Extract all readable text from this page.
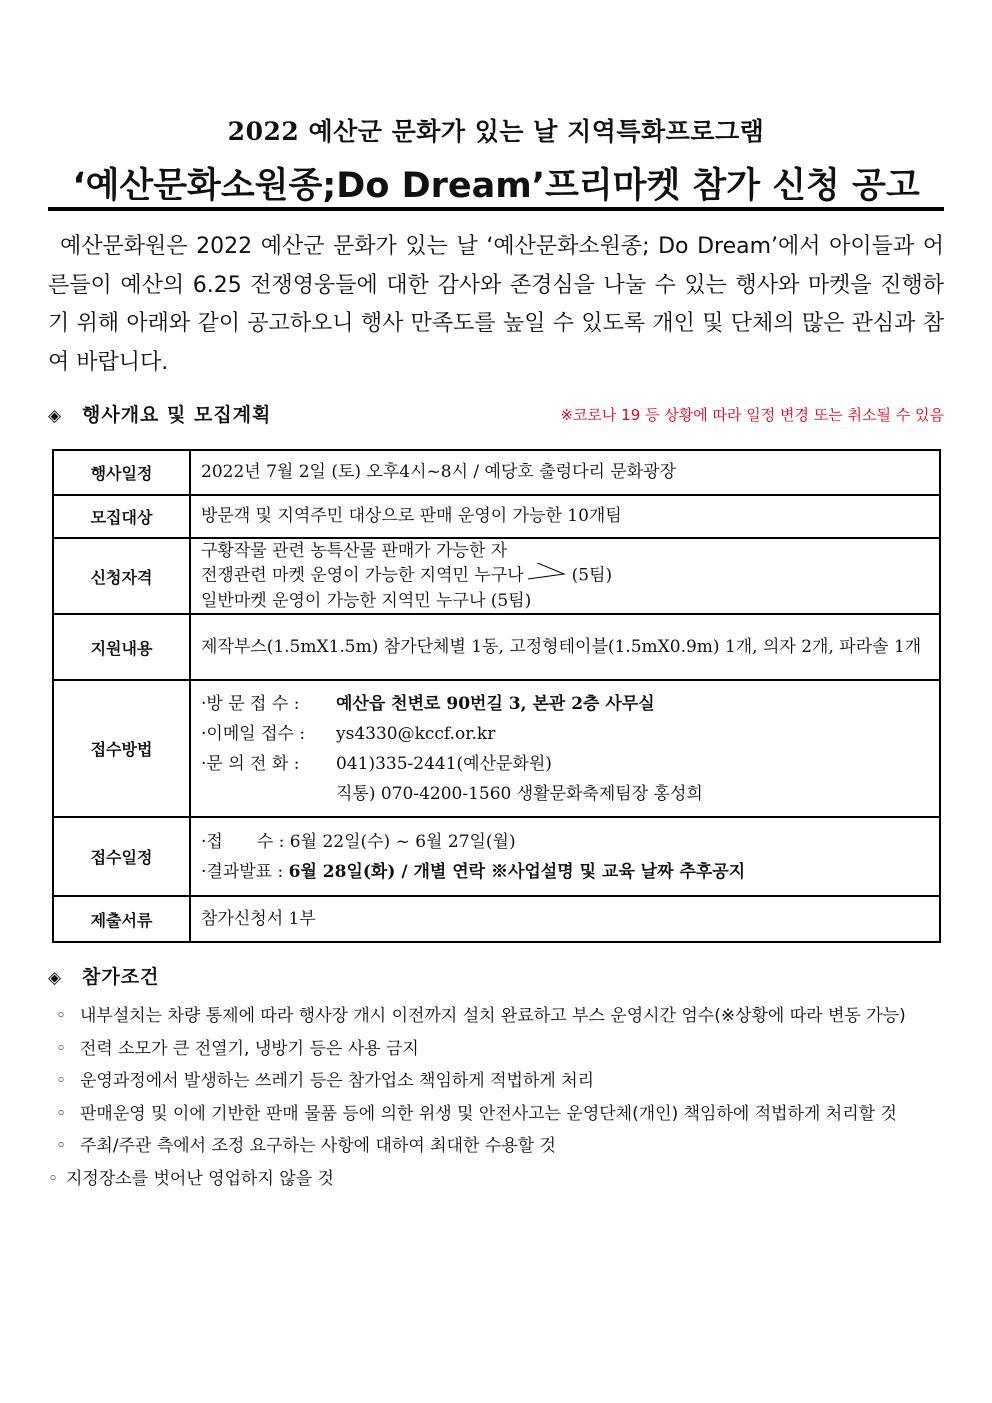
2022 예산군 문화가 있는 날 지역특화프로그램
‘예산문화소원종;Do Dream’프리마켓 참가 신청 공고
예산문화원은 2022 예산군 문화가 있는 날 ‘예산문화소원종; Do Dream’에서 아이들과 어른들이 예산의 6.25 전쟁영웅들에 대한 감사와 존경심을 나눌 수 있는 행사와 마켓을 진행하기 위해 아래와 같이 공고하오니 행사 만족도를 높일 수 있도록 개인 및 단체의 많은 관심과 참여 바랍니다.
◈ 행사개요 및 모집계획	※코로나 19 등 상황에 따라 일정 변경 또는 취소될 수 있음
행사일정	2022년 7월 2일 (토) 오후4시~8시 / 예당호 출렁다리 문화광장
모집대상	방문객 및 지역주민 대상으로 판매 운영이 가능한 10개팀
신청자격	구황작물 관련 농특산물 판매가 가능한 자
전쟁관련 마켓 운영이 가능한 지역민 누구나 (5팀)
일반마켓 운영이 가능한 지역민 누구나 (5팀)

지원내용	제작부스(1.5mX1.5m) 참가단체별 1동, 고정형테이블(1.5mX0.9m) 1개, 의자 2개, 파라솔 1개
접수방법	·방 문 접 수 : 예산읍 천변로 90번길 3, 본관 2층 사무실
·이메일 접수 : ys4330@kccf.or.kr
·문 의 전 화 : 041)335-2441(예산문화원)
직통) 070-4200-1560 생활문화축제팀장 홍성희

접수일정	·접　　수 : 6월 22일(수) ~ 6월 27일(월)
·결과발표 : 6월 28일(화) / 개별 연락 ※사업설명 및 교육 날짜 추후공지

제출서류	참가신청서 1부
◈ 참가조건
◦ 내부설치는 차량 통제에 따라 행사장 개시 이전까지 설치 완료하고 부스 운영시간 엄수(※상황에 따라 변동 가능)
◦ 전력 소모가 큰 전열기, 냉방기 등은 사용 금지
◦ 운영과정에서 발생하는 쓰레기 등은 참가업소 책임하게 적법하게 처리
◦ 판매운영 및 이에 기반한 판매 물품 등에 의한 위생 및 안전사고는 운영단체(개인) 책임하에 적법하게 처리할 것
◦ 주최/주관 측에서 조정 요구하는 사항에 대하여 최대한 수용할 것
◦ 지정장소를 벗어난 영업하지 않을 것
